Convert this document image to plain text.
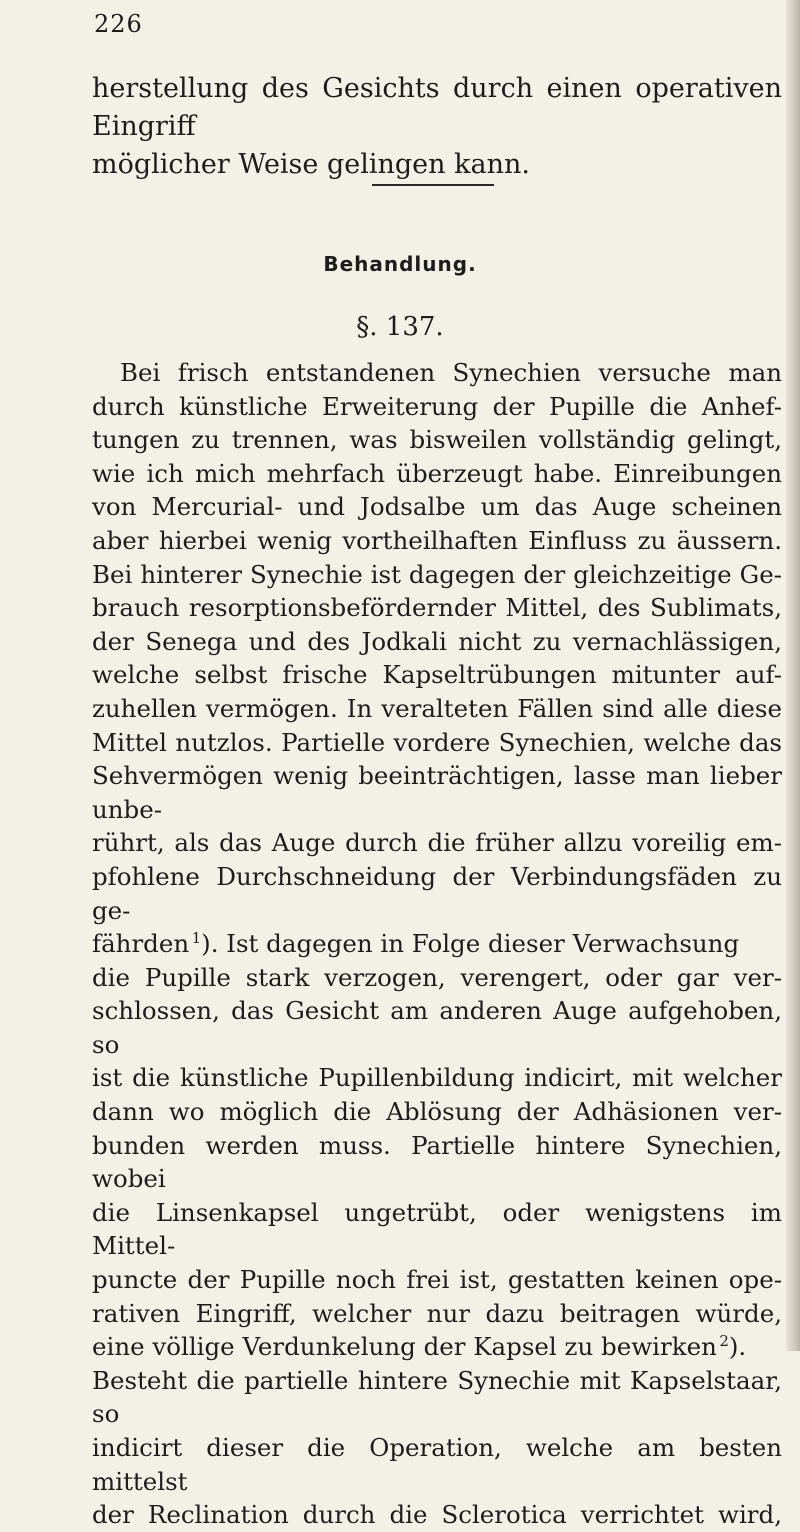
226
herstellung des Gesichts durch einen operativen Eingriff
möglicher Weise gelingen kann.
Behandlung.
§. 137.
Bei frisch entstandenen Synechien versuche man
durch künstliche Erweiterung der Pupille die Anhef-
tungen zu trennen, was bisweilen vollständig gelingt,
wie ich mich mehrfach überzeugt habe. Einreibungen
von Mercurial- und Jodsalbe um das Auge scheinen
aber hierbei wenig vortheilhaften Einfluss zu äussern.
Bei hinterer Synechie ist dagegen der gleichzeitige Ge-
brauch resorptionsbefördernder Mittel, des Sublimats,
der Senega und des Jodkali nicht zu vernachlässigen,
welche selbst frische Kapseltrübungen mitunter auf-
zuhellen vermögen. In veralteten Fällen sind alle diese
Mittel nutzlos. Partielle vordere Synechien, welche das
Sehvermögen wenig beeinträchtigen, lasse man lieber unbe-
rührt, als das Auge durch die früher allzu voreilig em-
pfohlene Durchschneidung der Verbindungsfäden zu ge-
fährden  $^1$). Ist dagegen in Folge dieser Verwachsung
die Pupille stark verzogen, verengert, oder gar ver-
schlossen, das Gesicht am anderen Auge aufgehoben, so
ist die künstliche Pupillenbildung indicirt, mit welcher
dann wo möglich die Ablösung der Adhäsionen ver-
bunden werden muss. Partielle hintere Synechien, wobei
die Linsenkapsel ungetrübt, oder wenigstens im Mittel-
puncte der Pupille noch frei ist, gestatten keinen ope-
rativen Eingriff, welcher nur dazu beitragen würde,
eine völlige Verdunkelung der Kapsel zu bewirken  $^2$).
Besteht die partielle hintere Synechie mit Kapselstaar, so
indicirt dieser die Operation, welche am besten mittelst
der Reclination durch die Sclerotica verrichtet wird,
